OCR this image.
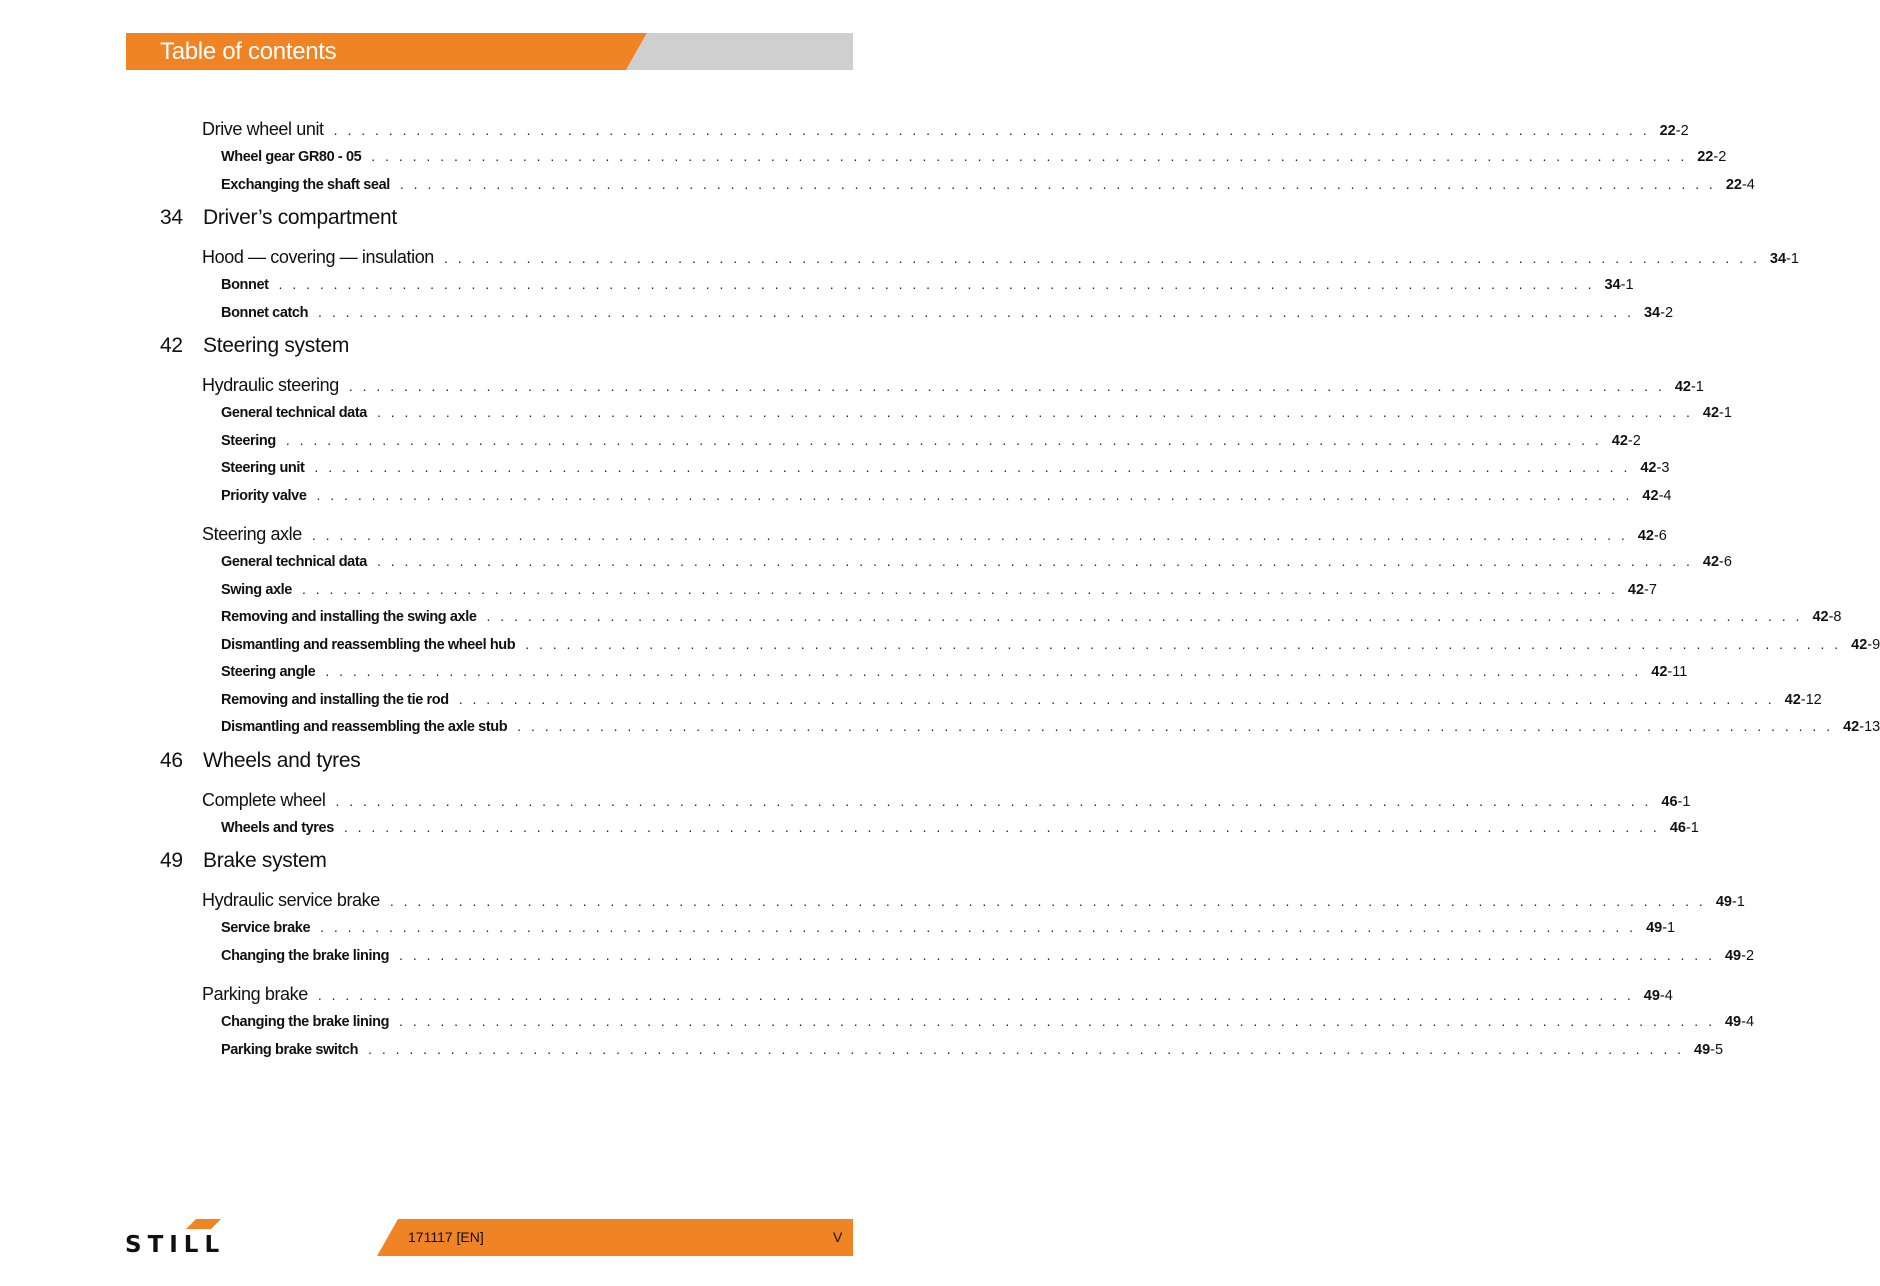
Table of contents
Drive wheel unit . . . . . . . . . . . . . . . . . . . . . . . . . . . . . . . . . . . . . . . . . . . . . . . . . . . . . . . . . . . . . . . . . . . . . . . . . . . . . . . . . . . . . . . . . . . . . . . . 22-2
Wheel gear GR80 - 05 . . . . . . . . . . . . . . . . . . . . . . . . . . . . . . . . . . . . . . . . . . . . . . . . . . . . . . . . . . . . . . . . . . . . . . . . . . . . . . . . . . . . . . . . . . . . . . . . 22-2
Exchanging the shaft seal . . . . . . . . . . . . . . . . . . . . . . . . . . . . . . . . . . . . . . . . . . . . . . . . . . . . . . . . . . . . . . . . . . . . . . . . . . . . . . . . . . . . . . . . . . . . . . . . 22-4
34 Driver’s compartment
Hood — covering — insulation . . . . . . . . . . . . . . . . . . . . . . . . . . . . . . . . . . . . . . . . . . . . . . . . . . . . . . . . . . . . . . . . . . . . . . . . . . . . . . . . . . . . . . . . . . . . . . . . 34-1
Bonnet . . . . . . . . . . . . . . . . . . . . . . . . . . . . . . . . . . . . . . . . . . . . . . . . . . . . . . . . . . . . . . . . . . . . . . . . . . . . . . . . . . . . . . . . . . . . . . . . 34-1
Bonnet catch . . . . . . . . . . . . . . . . . . . . . . . . . . . . . . . . . . . . . . . . . . . . . . . . . . . . . . . . . . . . . . . . . . . . . . . . . . . . . . . . . . . . . . . . . . . . . . . . 34-2
42 Steering system
Hydraulic steering . . . . . . . . . . . . . . . . . . . . . . . . . . . . . . . . . . . . . . . . . . . . . . . . . . . . . . . . . . . . . . . . . . . . . . . . . . . . . . . . . . . . . . . . . . . . . . . . 42-1
General technical data . . . . . . . . . . . . . . . . . . . . . . . . . . . . . . . . . . . . . . . . . . . . . . . . . . . . . . . . . . . . . . . . . . . . . . . . . . . . . . . . . . . . . . . . . . . . . . . . 42-1
Steering . . . . . . . . . . . . . . . . . . . . . . . . . . . . . . . . . . . . . . . . . . . . . . . . . . . . . . . . . . . . . . . . . . . . . . . . . . . . . . . . . . . . . . . . . . . . . . . . 42-2
Steering unit . . . . . . . . . . . . . . . . . . . . . . . . . . . . . . . . . . . . . . . . . . . . . . . . . . . . . . . . . . . . . . . . . . . . . . . . . . . . . . . . . . . . . . . . . . . . . . . . 42-3
Priority valve . . . . . . . . . . . . . . . . . . . . . . . . . . . . . . . . . . . . . . . . . . . . . . . . . . . . . . . . . . . . . . . . . . . . . . . . . . . . . . . . . . . . . . . . . . . . . . . . 42-4
Steering axle . . . . . . . . . . . . . . . . . . . . . . . . . . . . . . . . . . . . . . . . . . . . . . . . . . . . . . . . . . . . . . . . . . . . . . . . . . . . . . . . . . . . . . . . . . . . . . . . 42-6
General technical data . . . . . . . . . . . . . . . . . . . . . . . . . . . . . . . . . . . . . . . . . . . . . . . . . . . . . . . . . . . . . . . . . . . . . . . . . . . . . . . . . . . . . . . . . . . . . . . . 42-6
Swing axle . . . . . . . . . . . . . . . . . . . . . . . . . . . . . . . . . . . . . . . . . . . . . . . . . . . . . . . . . . . . . . . . . . . . . . . . . . . . . . . . . . . . . . . . . . . . . . . . 42-7
Removing and installing the swing axle . . . . . . . . . . . . . . . . . . . . . . . . . . . . . . . . . . . . . . . . . . . . . . . . . . . . . . . . . . . . . . . . . . . . . . . . . . . . . . . . . . . . . . . . . . . . . . . . 42-8
Dismantling and reassembling the wheel hub . . . . . . . . . . . . . . . . . . . . . . . . . . . . . . . . . . . . . . . . . . . . . . . . . . . . . . . . . . . . . . . . . . . . . . . . . . . . . . . . . . . . . . . . . . . . . . . . 42-9
Steering angle . . . . . . . . . . . . . . . . . . . . . . . . . . . . . . . . . . . . . . . . . . . . . . . . . . . . . . . . . . . . . . . . . . . . . . . . . . . . . . . . . . . . . . . . . . . . . . . . 42-11
Removing and installing the tie rod . . . . . . . . . . . . . . . . . . . . . . . . . . . . . . . . . . . . . . . . . . . . . . . . . . . . . . . . . . . . . . . . . . . . . . . . . . . . . . . . . . . . . . . . . . . . . . . . 42-12
Dismantling and reassembling the axle stub . . . . . . . . . . . . . . . . . . . . . . . . . . . . . . . . . . . . . . . . . . . . . . . . . . . . . . . . . . . . . . . . . . . . . . . . . . . . . . . . . . . . . . . . . . . . . . . . 42-13
46 Wheels and tyres
Complete wheel . . . . . . . . . . . . . . . . . . . . . . . . . . . . . . . . . . . . . . . . . . . . . . . . . . . . . . . . . . . . . . . . . . . . . . . . . . . . . . . . . . . . . . . . . . . . . . . . 46-1
Wheels and tyres . . . . . . . . . . . . . . . . . . . . . . . . . . . . . . . . . . . . . . . . . . . . . . . . . . . . . . . . . . . . . . . . . . . . . . . . . . . . . . . . . . . . . . . . . . . . . . . . 46-1
49 Brake system
Hydraulic service brake . . . . . . . . . . . . . . . . . . . . . . . . . . . . . . . . . . . . . . . . . . . . . . . . . . . . . . . . . . . . . . . . . . . . . . . . . . . . . . . . . . . . . . . . . . . . . . . . 49-1
Service brake . . . . . . . . . . . . . . . . . . . . . . . . . . . . . . . . . . . . . . . . . . . . . . . . . . . . . . . . . . . . . . . . . . . . . . . . . . . . . . . . . . . . . . . . . . . . . . . . 49-1
Changing the brake lining . . . . . . . . . . . . . . . . . . . . . . . . . . . . . . . . . . . . . . . . . . . . . . . . . . . . . . . . . . . . . . . . . . . . . . . . . . . . . . . . . . . . . . . . . . . . . . . . 49-2
Parking brake . . . . . . . . . . . . . . . . . . . . . . . . . . . . . . . . . . . . . . . . . . . . . . . . . . . . . . . . . . . . . . . . . . . . . . . . . . . . . . . . . . . . . . . . . . . . . . . . 49-4
Changing the brake lining . . . . . . . . . . . . . . . . . . . . . . . . . . . . . . . . . . . . . . . . . . . . . . . . . . . . . . . . . . . . . . . . . . . . . . . . . . . . . . . . . . . . . . . . . . . . . . . . 49-4
Parking brake switch . . . . . . . . . . . . . . . . . . . . . . . . . . . . . . . . . . . . . . . . . . . . . . . . . . . . . . . . . . . . . . . . . . . . . . . . . . . . . . . . . . . . . . . . . . . . . . . . 49-5
171117 [EN]	V
STILL
